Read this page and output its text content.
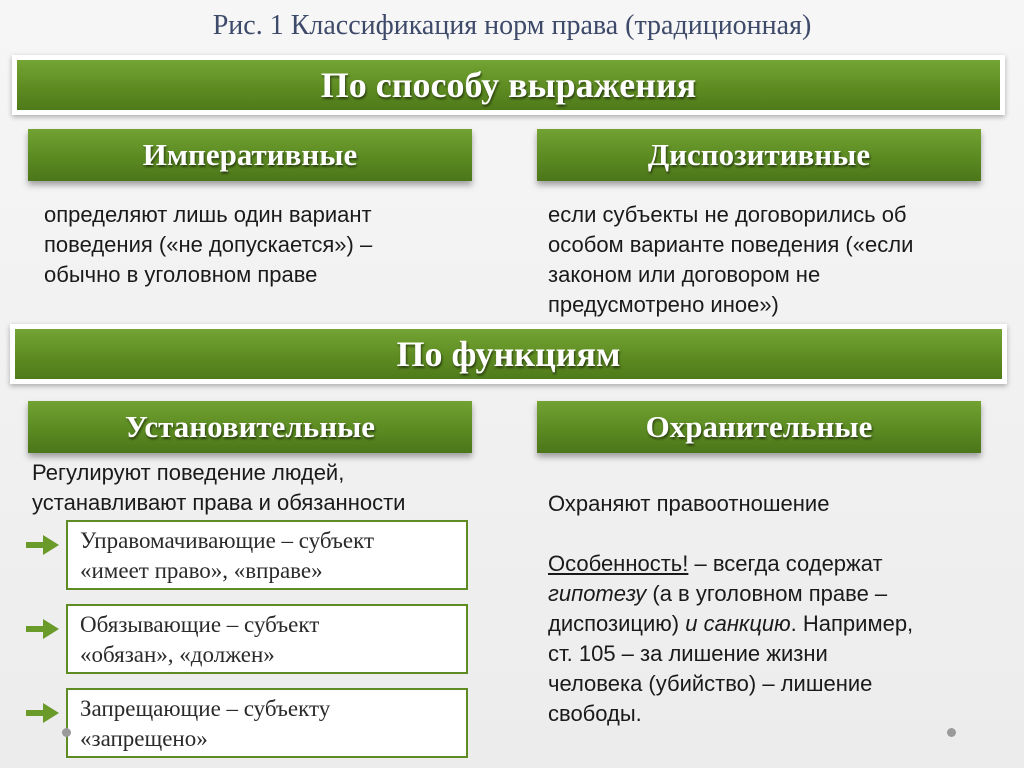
Рис. 1 Классификация норм права (традиционная)
По способу выражения
Императивные	Диспозитивные
определяют лишь один вариант
поведения («не допускается») –
обычно в уголовном праве
если субъекты не договорились об
особом варианте поведения («если
законом или договором не
предусмотрено иное»)
По функциям
Установительные	Охранительные
Регулируют поведение людей,
устанавливают права и обязанности
Управомачивающие – субъект
«имеет право», «вправе»
Обязывающие – субъект
«обязан», «должен»
Запрещающие – субъекту
«запрещено»
Охраняют правоотношение
Особенность! – всегда содержат
гипотезу (а в уголовном праве –
диспозицию) и санкцию. Например,
ст. 105 – за лишение жизни
человека (убийство) – лишение
свободы.
